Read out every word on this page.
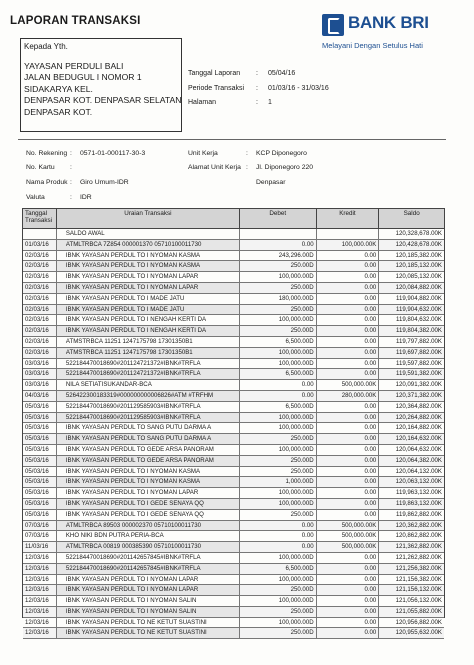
LAPORAN TRANSAKSI	BANK BRI
Melayani Dengan Setulus Hati
Kepada Yth.
YAYASAN PERDULI BALI
JALAN BEDUGUL I NOMOR 1
SIDAKARYA KEL.
DENPASAR KOT. DENPASAR SELATAN
DENPASAR KOT.
Tanggal Laporan : 05/04/16
Periode Transaksi : 01/03/16 - 31/03/16
Halaman	: 1
No. Rekening : 0571-01-000117-30-3
No. Kartu :
Nama Produk : Giro Umum-IDR
Valuta	: IDR
Unit Kerja	: KCP Diponegoro
Alamat Unit Kerja : Jl. Diponegoro 220
Denpasar
Tanggal Transaksi
Uraian Transaksi	Debet	Kredit	Saldo
SALDO AWAL	120,328,678.00K
01/03/16	ATMLTRBCA 7Z854 000001370 05710100011730	0.00	100,000.00K	120,428,678.00K
02/03/16	IBNK YAYASAN PERDUL TO I NYOMAN KASMA	243,296.00D	0.00	120,185,382.00K
02/03/16	IBNK YAYASAN PERDUL TO I NYOMAN KASMA	250.00D	0.00	120,185,132.00K
02/03/16	IBNK YAYASAN PERDUL TO I NYOMAN LAPAR	100,000.00D	0.00	120,085,132.00K
02/03/16	IBNK YAYASAN PERDUL TO I NYOMAN LAPAR	250.00D	0.00	120,084,882.00K
02/03/16	IBNK YAYASAN PERDUL TO I MADE JATU	180,000.00D	0.00	119,904,882.00K
02/03/16	IBNK YAYASAN PERDUL TO I MADE JATU	250.00D	0.00	119,904,632.00K
02/03/16	IBNK YAYASAN PERDUL TO I NENGAH KERTI DA	100,000.00D	0.00	119,804,632.00K
02/03/16	IBNK YAYASAN PERDUL TO I NENGAH KERTI DA	250.00D	0.00	119,804,382.00K
02/03/16	ATMSTRBCA 11251 1247175798 17301350B1	6,500.00D	0.00	119,797,882.00K
02/03/16	ATMSTRBCA 11251 1247175798 17301350B1	100,000.00D	0.00	119,697,882.00K
03/03/16	522184470018690#201124721372#IBNK#TRFLA	100,000.00D	0.00	119,597,882.00K
03/03/16	522184470018690#201124721372#IBNK#TRFLA	6,500.00D	0.00	119,591,382.00K
03/03/16	NILA SETIATISUKANDAR-BCA	0.00	500,000.00K	120,091,382.00K
04/03/16	526422300183319#000000000006826#ATM #TRFHM	0.00	280,000.00K	120,371,382.00K
05/03/16	522184470018690#201129585903#IBNK#TRFLA	6,500.00D	0.00	120,364,882.00K
05/03/16	522184470018690#201129585903#IBNK#TRFLA	100,000.00D	0.00	120,264,882.00K
05/03/16	IBNK YAYASAN PERDUL TO SANG PUTU DARMA A	100,000.00D	0.00	120,164,882.00K
05/03/16	IBNK YAYASAN PERDUL TO SANG PUTU DARMA A	250.00D	0.00	120,164,632.00K
05/03/16	IBNK YAYASAN PERDUL TO GEDE ARSA PANORAM	100,000.00D	0.00	120,064,632.00K
05/03/16	IBNK YAYASAN PERDUL TO GEDE ARSA PANORAM	250.00D	0.00	120,064,382.00K
05/03/16	IBNK YAYASAN PERDUL TO I NYOMAN KASMA	250.00D	0.00	120,064,132.00K
05/03/16	IBNK YAYASAN PERDUL TO I NYOMAN KASMA	1,000.00D	0.00	120,063,132.00K
05/03/16	IBNK YAYASAN PERDUL TO I NYOMAN LAPAR	100,000.00D	0.00	119,963,132.00K
05/03/16	IBNK YAYASAN PERDUL TO I GEDE SENAYA QQ	100,000.00D	0.00	119,863,132.00K
05/03/16	IBNK YAYASAN PERDUL TO I GEDE SENAYA QQ	250.00D	0.00	119,862,882.00K
07/03/16	ATMLTRBCA 89503 000002370 05710100011730	0.00	500,000.00K	120,362,882.00K
07/03/16	KHO NIKI BDN PUTRA PERIA-BCA	0.00	500,000.00K	120,862,882.00K
11/03/16	ATMLTRBCA 00819 000385390 05710100011730	0.00	500,000.00K	121,362,882.00K
12/03/16	522184470018690#201142657845#IBNK#TRFLA	100,000.00D	0.00	121,262,882.00K
12/03/16	522184470018690#201142657845#IBNK#TRFLA	6,500.00D	0.00	121,256,382.00K
12/03/16	IBNK YAYASAN PERDUL TO I NYOMAN LAPAR	100,000.00D	0.00	121,156,382.00K
12/03/16	IBNK YAYASAN PERDUL TO I NYOMAN LAPAR	250.00D	0.00	121,156,132.00K
12/03/16	IBNK YAYASAN PERDUL TO I NYOMAN SALIN	100,000.00D	0.00	121,056,132.00K
12/03/16	IBNK YAYASAN PERDUL TO I NYOMAN SALIN	250.00D	0.00	121,055,882.00K
12/03/16	IBNK YAYASAN PERDUL TO NE KETUT SUASTINI	100,000.00D	0.00	120,956,882.00K
12/03/16	IBNK YAYASAN PERDUL TO NE KETUT SUASTINI	250.00D	0.00	120,955,632.00K
